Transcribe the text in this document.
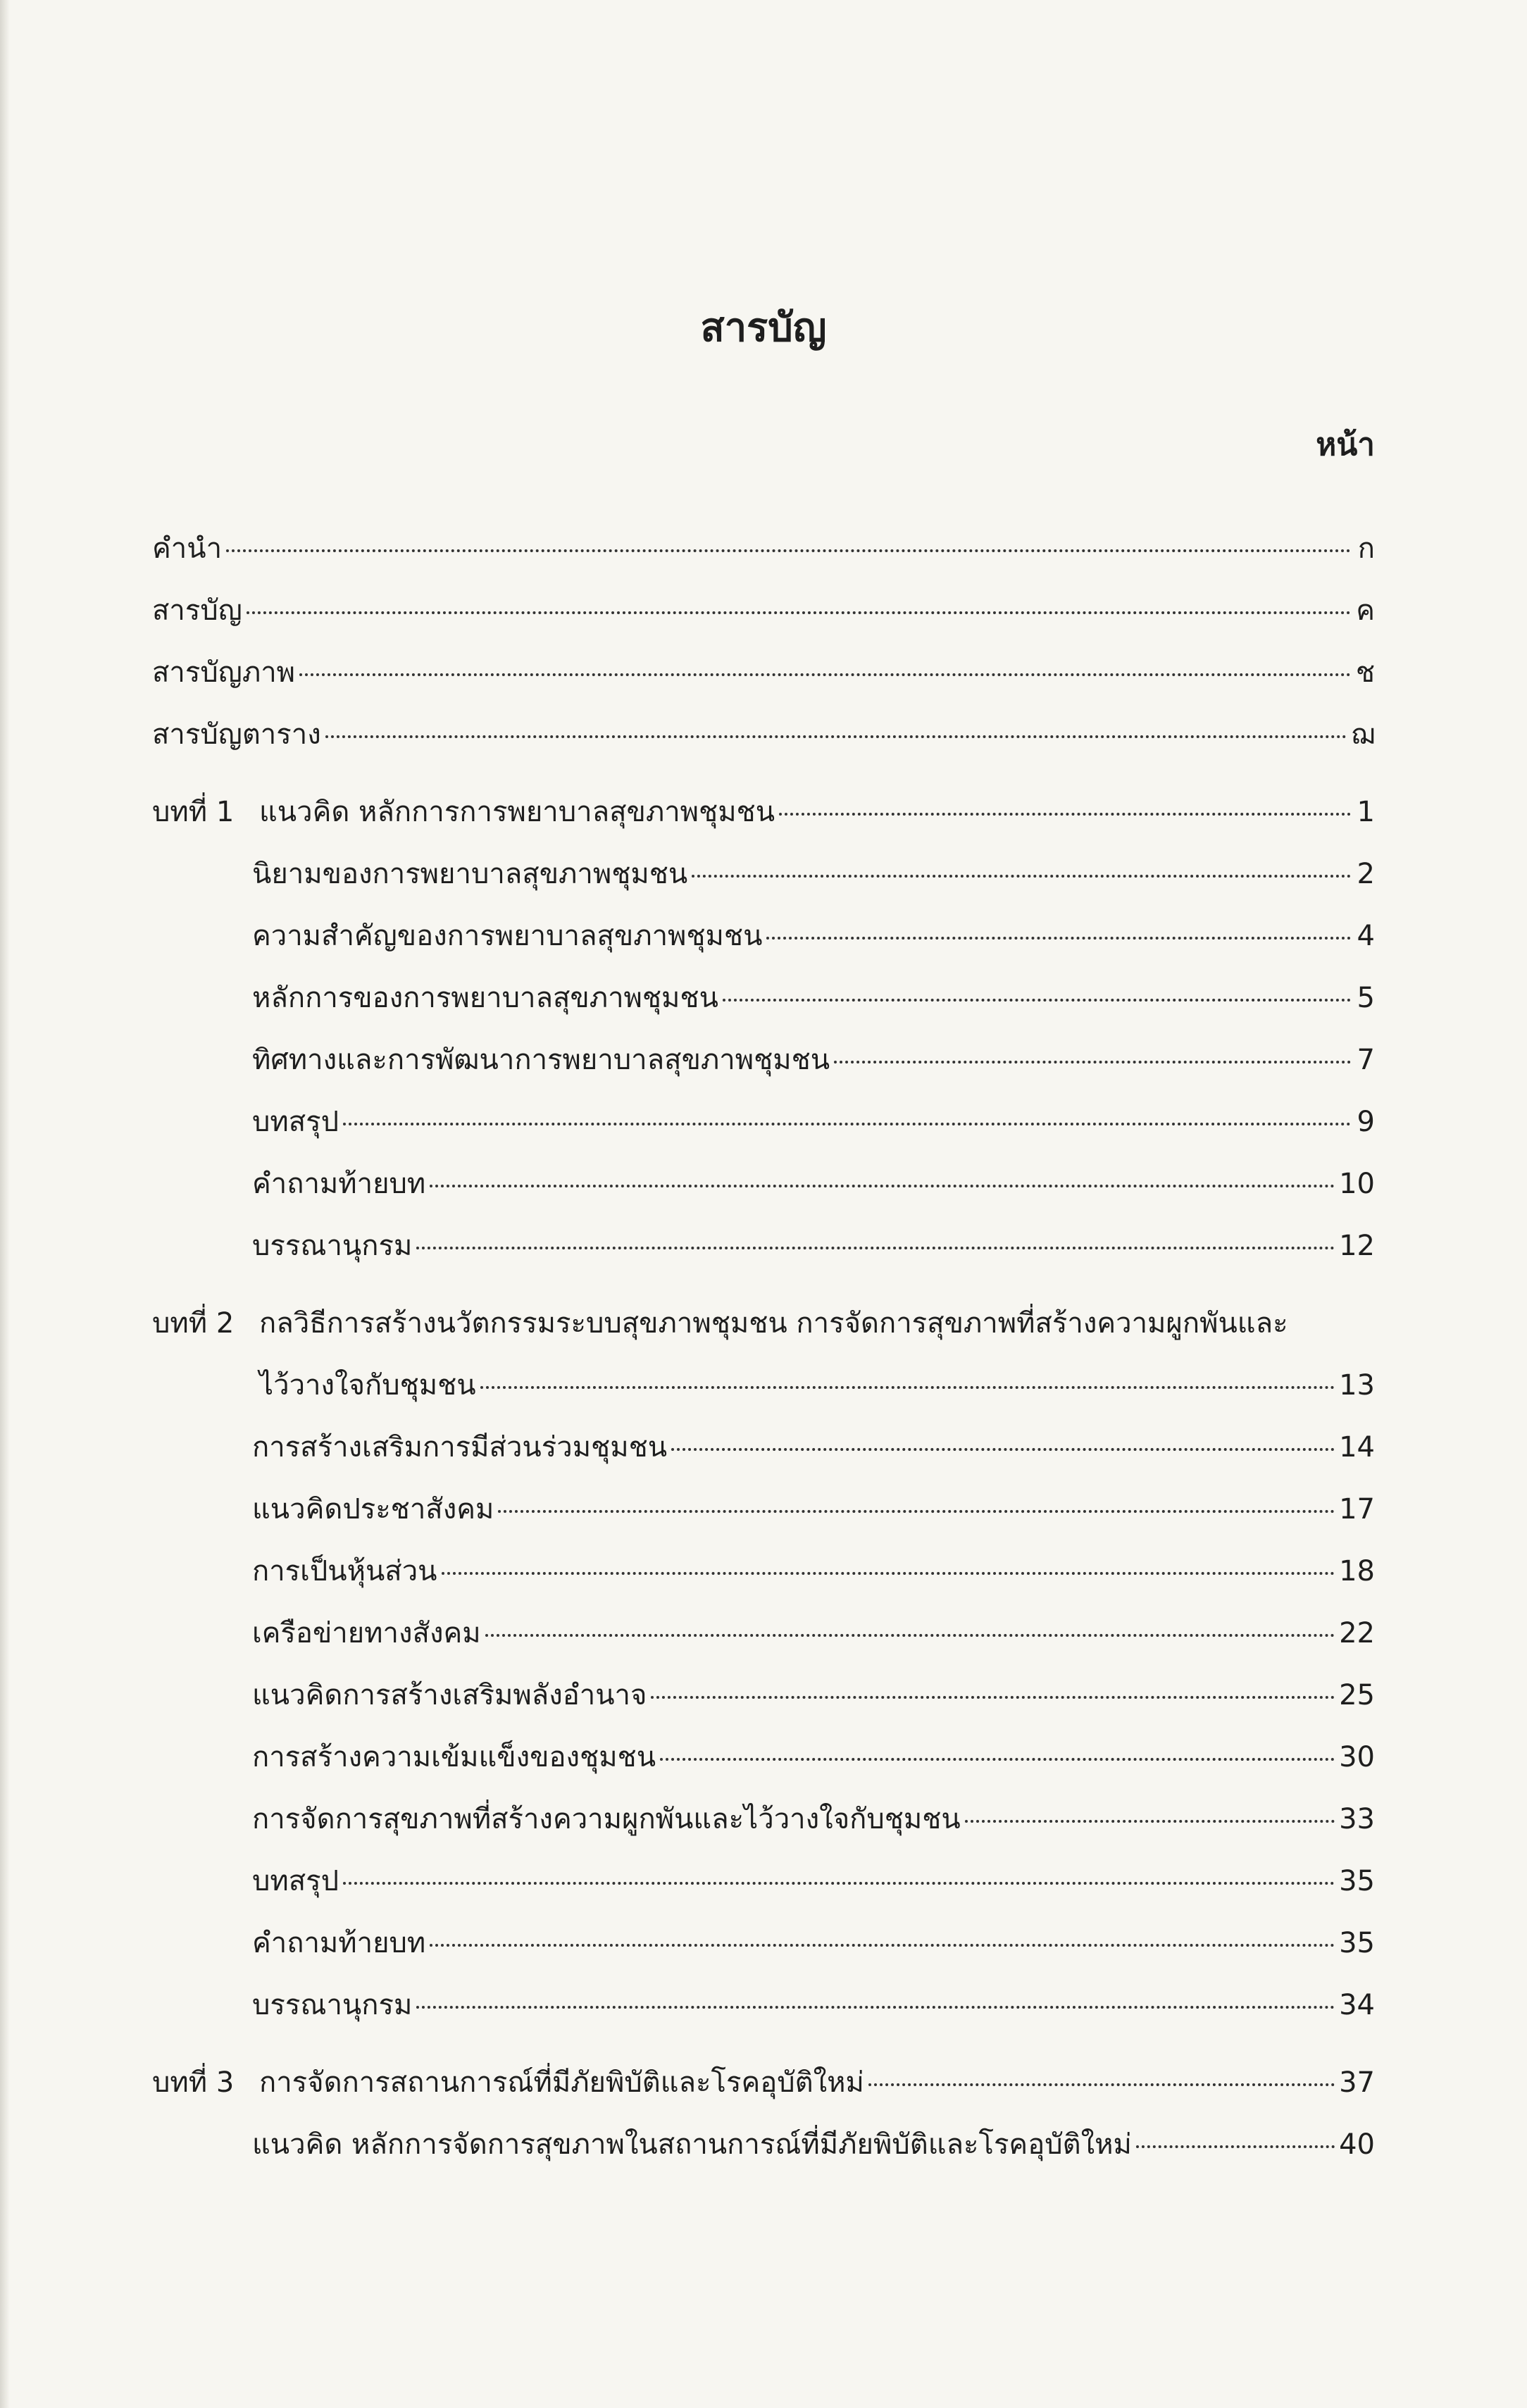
สารบัญ
หน้า
คำนำ	ก
สารบัญ	ค
สารบัญภาพ	ช
สารบัญตาราง	ฌ
บทที่ 1 แนวคิด หลักการการพยาบาลสุขภาพชุมชน	1
นิยามของการพยาบาลสุขภาพชุมชน	2
ความสำคัญของการพยาบาลสุขภาพชุมชน	4
หลักการของการพยาบาลสุขภาพชุมชน	5
ทิศทางและการพัฒนาการพยาบาลสุขภาพชุมชน	7
บทสรุป	9
คำถามท้ายบท	10
บรรณานุกรม	12
บทที่ 2 กลวิธีการสร้างนวัตกรรมระบบสุขภาพชุมชน การจัดการสุขภาพที่สร้างความผูกพันและ
ไว้วางใจกับชุมชน	13
การสร้างเสริมการมีส่วนร่วมชุมชน	14
แนวคิดประชาสังคม	17
การเป็นหุ้นส่วน	18
เครือข่ายทางสังคม	22
แนวคิดการสร้างเสริมพลังอำนาจ	25
การสร้างความเข้มแข็งของชุมชน	30
การจัดการสุขภาพที่สร้างความผูกพันและไว้วางใจกับชุมชน	33
บทสรุป	35
คำถามท้ายบท	35
บรรณานุกรม	34
บทที่ 3 การจัดการสถานการณ์ที่มีภัยพิบัติและโรคอุบัติใหม่	37
แนวคิด หลักการจัดการสุขภาพในสถานการณ์ที่มีภัยพิบัติและโรคอุบัติใหม่	40
